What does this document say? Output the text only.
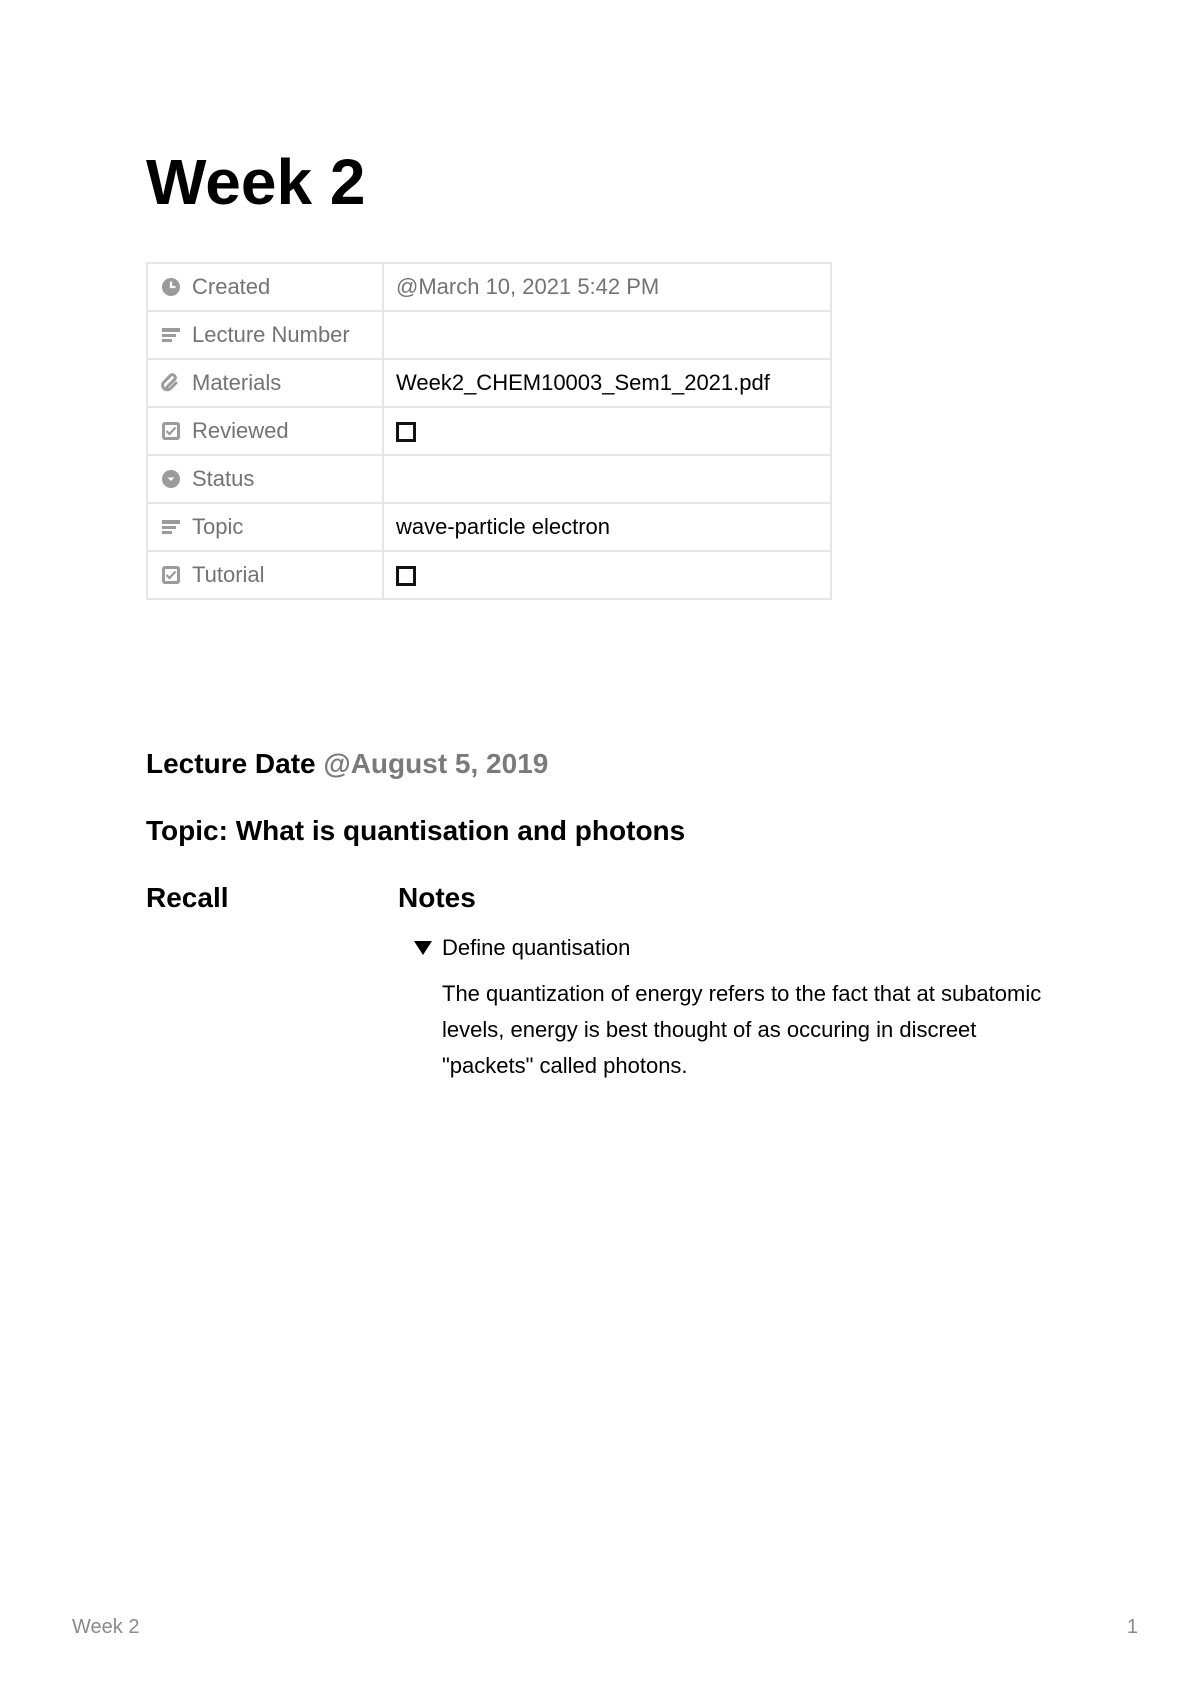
Week 2
Created	@March 10, 2021 5:42 PM

Lecture Number	

Materials	Week2_CHEM10003_Sem1_2021.pdf

Reviewed	

Status	

Topic	wave-particle electron

Tutorial	

Lecture Date @August 5, 2019

Topic: What is quantisation and photons
Recall	Notes
Define quantisation
The quantization of energy refers to the fact that at subatomic levels, energy is best thought of as occuring in discreet "packets" called photons.
Week 2	1
